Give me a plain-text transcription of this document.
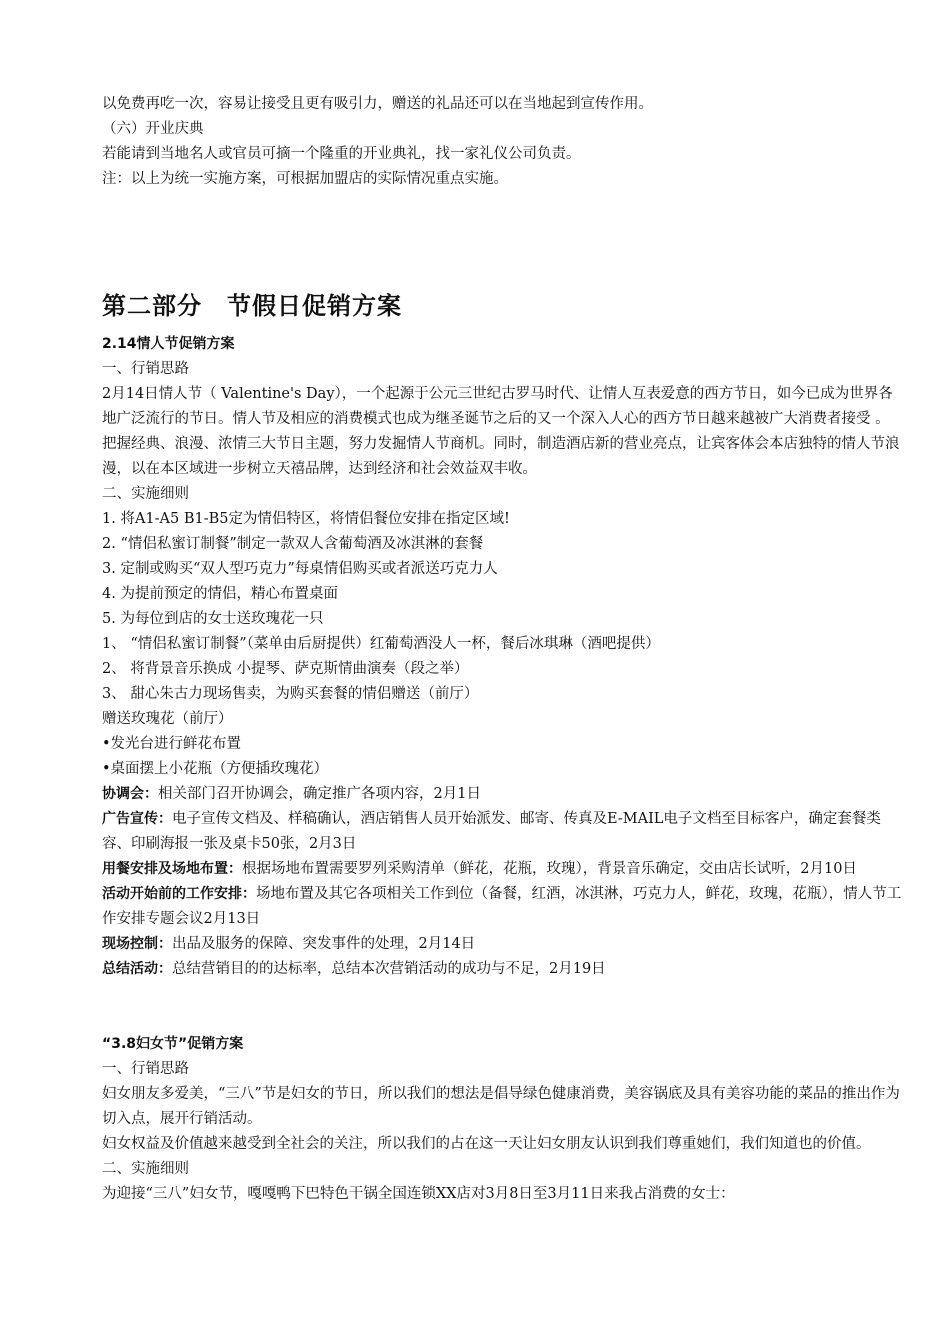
以免费再吃一次，容易让接受且更有吸引力，赠送的礼品还可以在当地起到宣传作用。
（六）开业庆典
若能请到当地名人或官员可摘一个隆重的开业典礼，找一家礼仪公司负责。
注：以上为统一实施方案，可根据加盟店的实际情况重点实施。
第二部分　节假日促销方案
2.14情人节促销方案
一、行销思路
2月14日情人节（ Valentine's Day），一个起源于公元三世纪古罗马时代、让情人互表爱意的西方节日，如今已成为世界各地广泛流行的节日。情人节及相应的消费模式也成为继圣诞节之后的又一个深入人心的西方节日越来越被广大消费者接受 。
把握经典、浪漫、浓情三大节日主题，努力发掘情人节商机。同时，制造酒店新的营业亮点，让宾客体会本店独特的情人节浪漫，以在本区域进一步树立天禧品牌，达到经济和社会效益双丰收。
二、实施细则
1. 将A1-A5 B1-B5定为情侣特区，将情侣餐位安排在指定区域!
2. “情侣私蜜订制餐”制定一款双人含葡萄酒及冰淇淋的套餐
3. 定制或购买“双人型巧克力”每桌情侣购买或者派送巧克力人
4. 为提前预定的情侣，精心布置桌面
5. 为每位到店的女士送玫瑰花一只
1、 “情侣私蜜订制餐”（菜单由后厨提供）红葡萄酒没人一杯，餐后冰琪琳（酒吧提供）
2、 将背景音乐换成 小提琴、萨克斯情曲演奏（段之举）
3、 甜心朱古力现场售卖，为购买套餐的情侣赠送（前厅）
赠送玫瑰花（前厅）
•发光台进行鲜花布置
•桌面摆上小花瓶（方便插玫瑰花）
协调会：相关部门召开协调会，确定推广各项内容，2月1日
广告宣传：电子宣传文档及、样稿确认，酒店销售人员开始派发、邮寄、传真及E-MAIL电子文档至目标客户，确定套餐类容、印刷海报一张及桌卡50张，2月3日
用餐安排及场地布置：根据场地布置需要罗列采购清单（鲜花，花瓶，玫瑰），背景音乐确定，交由店长试听，2月10日
活动开始前的工作安排：场地布置及其它各项相关工作到位（备餐，红酒，冰淇淋，巧克力人，鲜花，玫瑰，花瓶），情人节工作安排专题会议2月13日
现场控制：出品及服务的保障、突发事件的处理，2月14日
总结活动：总结营销目的的达标率，总结本次营销活动的成功与不足，2月19日
“3.8妇女节”促销方案
一、行销思路
妇女朋友多爱美，“三八”节是妇女的节日，所以我们的想法是倡导绿色健康消费，美容锅底及具有美容功能的菜品的推出作为切入点，展开行销活动。
妇女权益及价值越来越受到全社会的关注，所以我们的占在这一天让妇女朋友认识到我们尊重她们，我们知道也的价值。
二、实施细则
为迎接“三八”妇女节，嘎嘎鸭下巴特色干锅全国连锁XX店对3月8日至3月11日来我占消费的女士：
